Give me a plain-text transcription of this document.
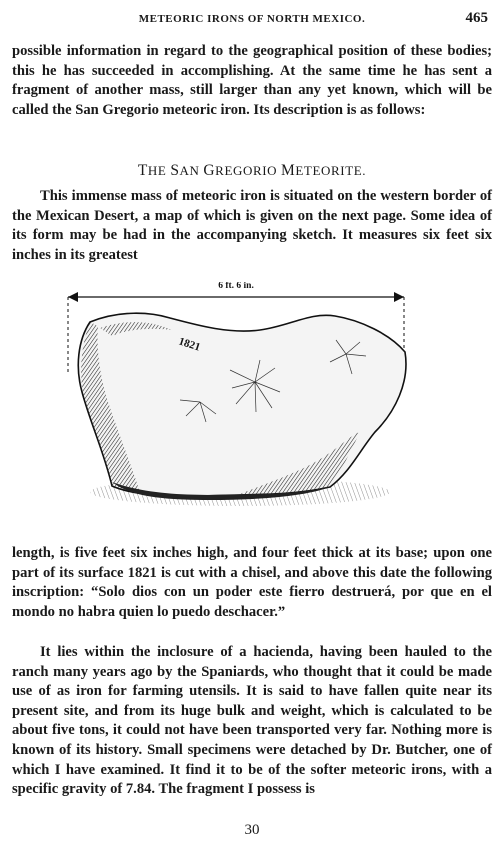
METEORIC IRONS OF NORTH MEXICO.	465

possible information in regard to the geographical position of these bodies; this he has succeeded in accomplishing. At the same time he has sent a fragment of another mass, still larger than any yet known, which will be called the San Gregorio meteoric iron. Its description is as follows:

THE SAN GREGORIO METEORITE.

This immense mass of meteoric iron is situated on the western border of the Mexican Desert, a map of which is given on the next page. Some idea of its form may be had in the accompanying sketch. It measures six feet six inches in its greatest

6 ft. 6 in.
1821

length, is five feet six inches high, and four feet thick at its base; upon one part of its surface 1821 is cut with a chisel, and above this date the following inscription: “Solo dios con un poder este fierro destruerá, por que en el mondo no habra quien lo puedo deschacer.”

It lies within the inclosure of a hacienda, having been hauled to the ranch many years ago by the Spaniards, who thought that it could be made use of as iron for farming utensils. It is said to have fallen quite near its present site, and from its huge bulk and weight, which is calculated to be about five tons, it could not have been transported very far. Nothing more is known of its history. Small specimens were detached by Dr. Butcher, one of which I have examined. It find it to be of the softer meteoric irons, with a specific gravity of 7.84. The fragment I possess is

30
